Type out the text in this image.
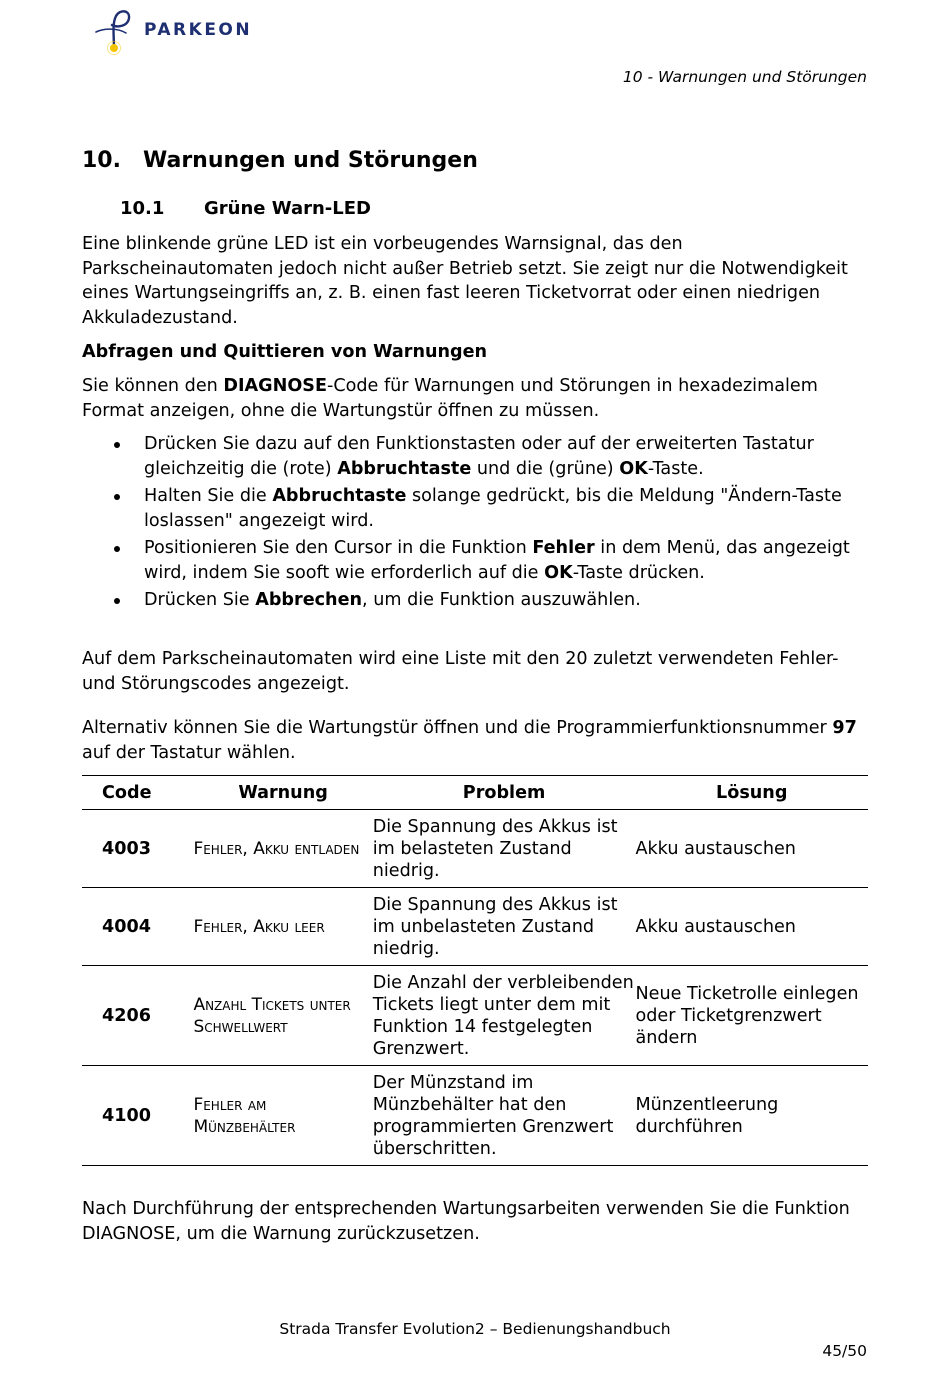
PARKEON
10 - Warnungen und Störungen
10. Warnungen und Störungen
10.1 Grüne Warn-LED

Eine blinkende grüne LED ist ein vorbeugendes Warnsignal, das den Parkscheinautomaten jedoch nicht außer Betrieb setzt. Sie zeigt nur die Notwendigkeit eines Wartungseingriffs an, z. B. einen fast leeren Ticketvorrat oder einen niedrigen Akkuladezustand.

Abfragen und Quittieren von Warnungen

Sie können den DIAGNOSE-Code für Warnungen und Störungen in hexadezimalem Format anzeigen, ohne die Wartungstür öffnen zu müssen.

Drücken Sie dazu auf den Funktionstasten oder auf der erweiterten Tastatur gleichzeitig die (rote) Abbruchtaste und die (grüne) OK-Taste.
Halten Sie die Abbruchtaste solange gedrückt, bis die Meldung "Ändern-Taste loslassen" angezeigt wird.
Positionieren Sie den Cursor in die Funktion Fehler in dem Menü, das angezeigt wird, indem Sie sooft wie erforderlich auf die OK-Taste drücken.
Drücken Sie Abbrechen, um die Funktion auszuwählen.

Auf dem Parkscheinautomaten wird eine Liste mit den 20 zuletzt verwendeten Fehler- und Störungscodes angezeigt.

Alternativ können Sie die Wartungstür öffnen und die Programmierfunktionsnummer 97 auf der Tastatur wählen.

Code	Warnung	Problem	Lösung
4003	Fehler, Akku entladen	Die Spannung des Akkus ist im belasteten Zustand niedrig.	Akku austauschen
4004	Fehler, Akku leer	Die Spannung des Akkus ist im unbelasteten Zustand niedrig.	Akku austauschen
4206	Anzahl Tickets unter Schwellwert	Die Anzahl der verbleibenden Tickets liegt unter dem mit Funktion 14 festgelegten Grenzwert.	Neue Ticketrolle einlegen oder Ticketgrenzwert ändern
4100	Fehler am Münzbehälter	Der Münzstand im Münzbehälter hat den programmierten Grenzwert überschritten.	Münzentleerung durchführen

Nach Durchführung der entsprechenden Wartungsarbeiten verwenden Sie die Funktion DIAGNOSE, um die Warnung zurückzusetzen.

Strada Transfer Evolution2 – Bedienungshandbuch
45/50
